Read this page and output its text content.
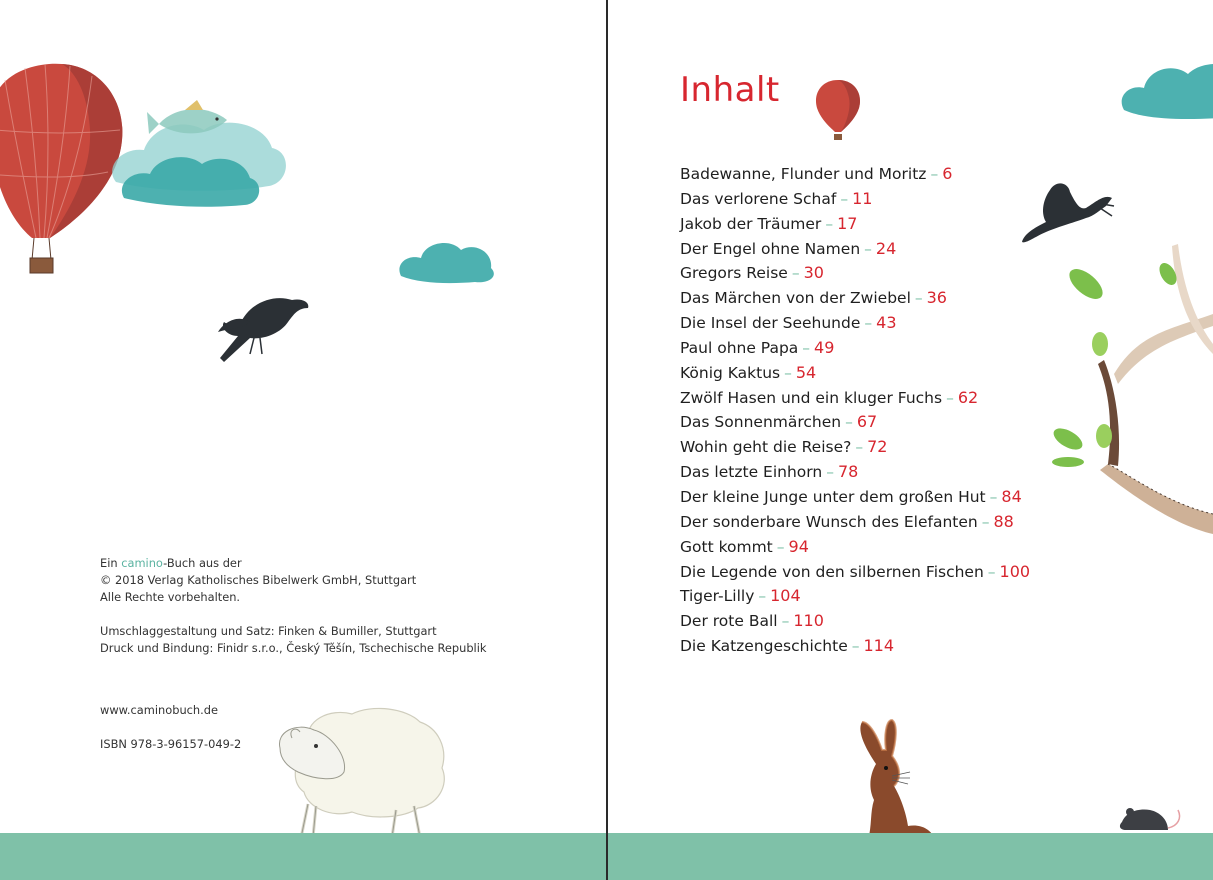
Ein camino-Buch aus der
© 2018 Verlag Katholisches Bibelwerk GmbH, Stuttgart
Alle Rechte vorbehalten.
Umschlaggestaltung und Satz: Finken & Bumiller, Stuttgart
Druck und Bindung: Finidr s.r.o., Český Těšín, Tschechische Republik
www.caminobuch.de
ISBN 978-3-96157-049-2
Inhalt
Badewanne, Flunder und Moritz – 6
Das verlorene Schaf – 11
Jakob der Träumer – 17
Der Engel ohne Namen – 24
Gregors Reise – 30
Das Märchen von der Zwiebel – 36
Die Insel der Seehunde – 43
Paul ohne Papa – 49
König Kaktus – 54
Zwölf Hasen und ein kluger Fuchs – 62
Das Sonnenmärchen – 67
Wohin geht die Reise? – 72
Das letzte Einhorn – 78
Der kleine Junge unter dem großen Hut – 84
Der sonderbare Wunsch des Elefanten – 88
Gott kommt – 94
Die Legende von den silbernen Fischen – 100
Tiger-Lilly – 104
Der rote Ball – 110
Die Katzengeschichte – 114
